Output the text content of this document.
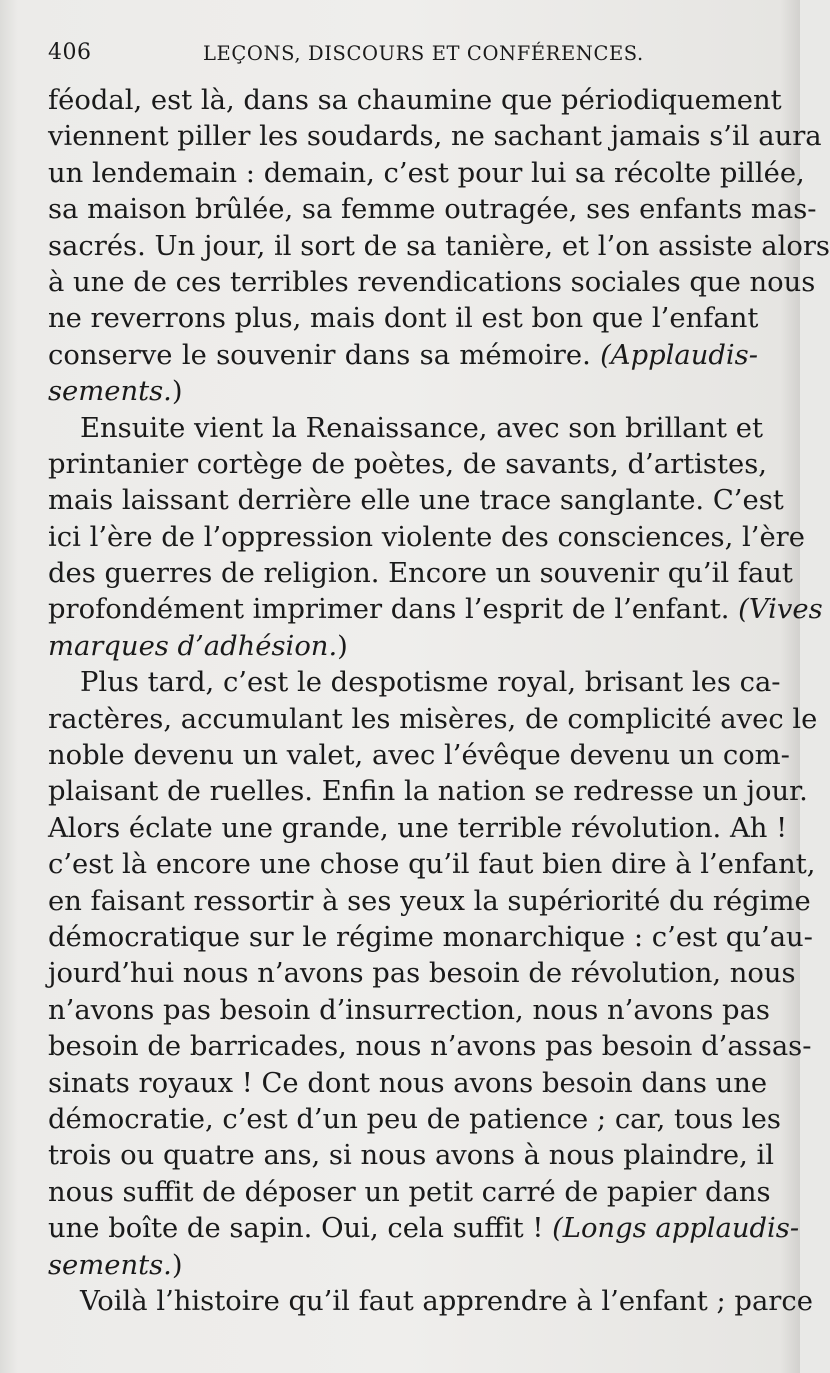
406	LEÇONS, DISCOURS ET CONFÉRENCES.
féodal, est là, dans sa chaumine que périodiquement
viennent piller les soudards, ne sachant jamais s’il aura
un lendemain : demain, c’est pour lui sa récolte pillée,
sa maison brûlée, sa femme outragée, ses enfants mas-
sacrés. Un jour, il sort de sa tanière, et l’on assiste alors
à une de ces terribles revendications sociales que nous
ne reverrons plus, mais dont il est bon que l’enfant
conserve le souvenir dans sa mémoire. (Applaudis-
sements.)
Ensuite vient la Renaissance, avec son brillant et
printanier cortège de poètes, de savants, d’artistes,
mais laissant derrière elle une trace sanglante. C’est
ici l’ère de l’oppression violente des consciences, l’ère
des guerres de religion. Encore un souvenir qu’il faut
profondément imprimer dans l’esprit de l’enfant. (Vives
marques d’adhésion.)
Plus tard, c’est le despotisme royal, brisant les ca-
ractères, accumulant les misères, de complicité avec le
noble devenu un valet, avec l’évêque devenu un com-
plaisant de ruelles. Enfin la nation se redresse un jour.
Alors éclate une grande, une terrible révolution. Ah !
c’est là encore une chose qu’il faut bien dire à l’enfant,
en faisant ressortir à ses yeux la supériorité du régime
démocratique sur le régime monarchique : c’est qu’au-
jourd’hui nous n’avons pas besoin de révolution, nous
n’avons pas besoin d’insurrection, nous n’avons pas
besoin de barricades, nous n’avons pas besoin d’assas-
sinats royaux ! Ce dont nous avons besoin dans une
démocratie, c’est d’un peu de patience ; car, tous les
trois ou quatre ans, si nous avons à nous plaindre, il
nous suffit de déposer un petit carré de papier dans
une boîte de sapin. Oui, cela suffit ! (Longs applaudis-
sements.)
Voilà l’histoire qu’il faut apprendre à l’enfant ; parce
